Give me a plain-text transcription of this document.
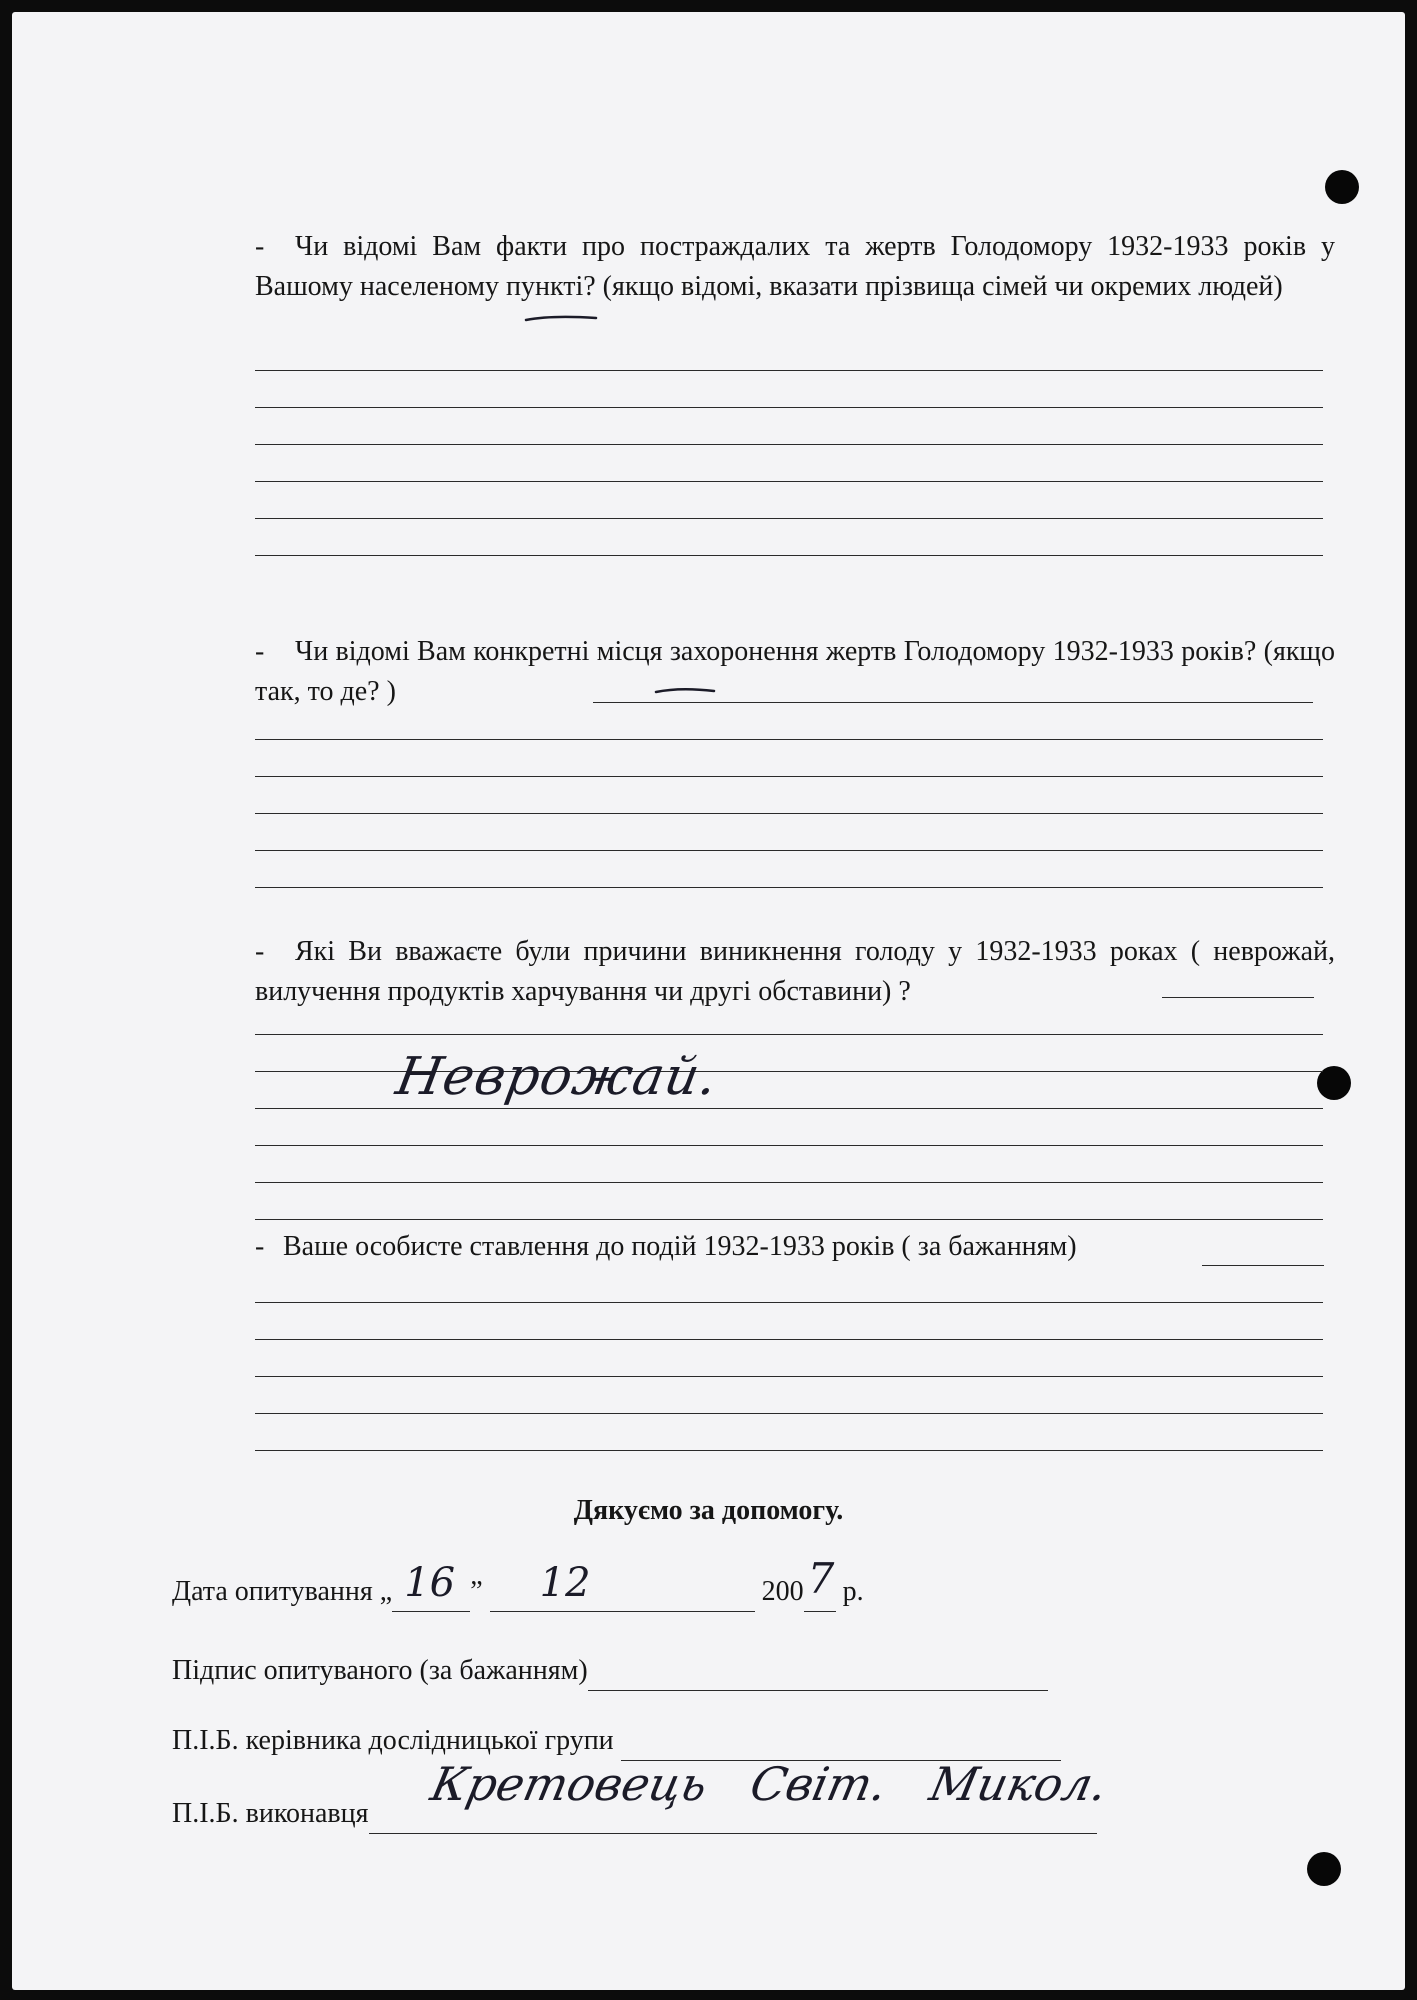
- Чи відомі Вам факти про постраждалих та жертв Голодомору 1932-1933 років у Вашому населеному пункті? (якщо відомі, вказати прізвища сімей чи окремих людей)
- Чи відомі Вам конкретні місця захоронення жертв Голодомору 1932-1933 років? (якщо так, то де? )
- Які Ви вважаєте були причини виникнення голоду у 1932-1933 роках ( неврожай, вилучення продуктів харчування чи другі обставини) ?
Неврожай.
- Ваше особисте ставлення до подій 1932-1933 років ( за бажанням)
Дякуємо за допомогу.
Дата опитування „ 16 ” 12	200 7 р.
Підпис опитуваного (за бажанням)
П.І.Б. керівника дослідницької групи
П.І.Б. виконавця
Кретовець Світ. Микол.
